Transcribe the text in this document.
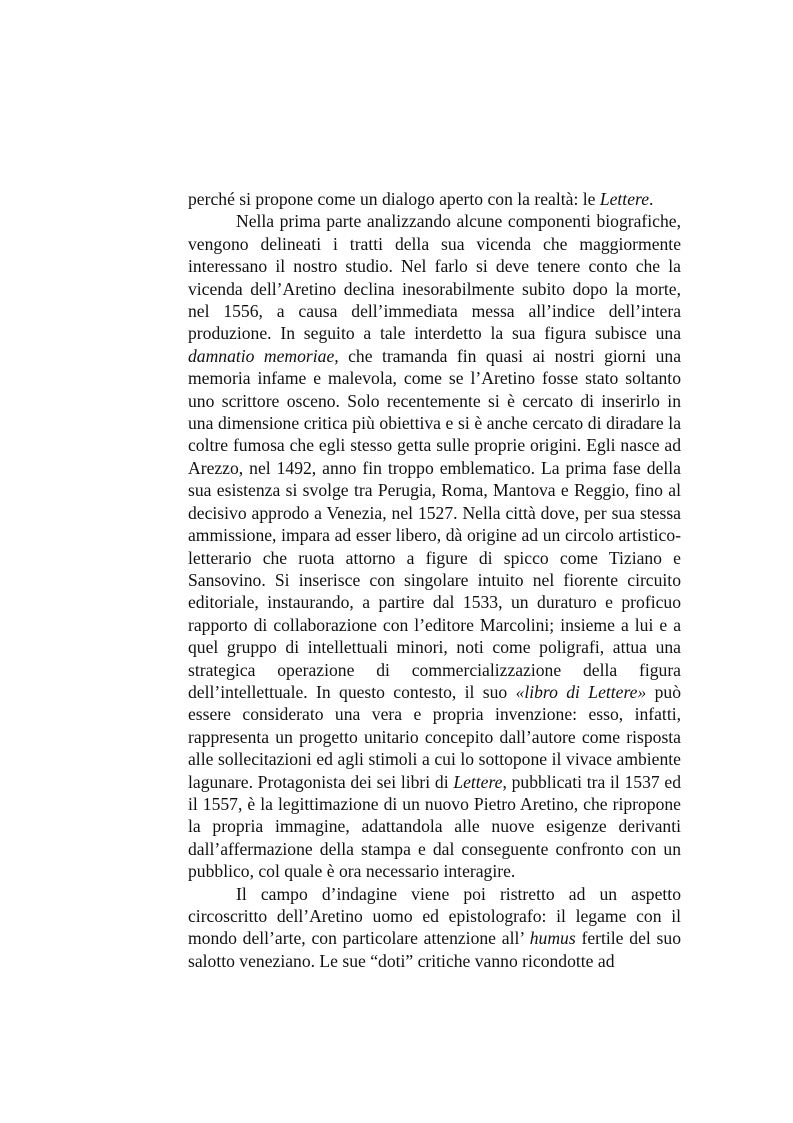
perché si propone come un dialogo aperto con la realtà: le Lettere.

Nella prima parte analizzando alcune componenti biografiche, vengono delineati i tratti della sua vicenda che maggiormente interessano il nostro studio. Nel farlo si deve tenere conto che la vicenda dell’Aretino declina inesorabilmente subito dopo la morte, nel 1556, a causa dell’immediata messa all’indice dell’intera produzione. In seguito a tale interdetto la sua figura subisce una damnatio memoriae, che tramanda fin quasi ai nostri giorni una memoria infame e malevola, come se l’Aretino fosse stato soltanto uno scrittore osceno. Solo recentemente si è cercato di inserirlo in una dimensione critica più obiettiva e si è anche cercato di diradare la coltre fumosa che egli stesso getta sulle proprie origini. Egli nasce ad Arezzo, nel 1492, anno fin troppo emblematico. La prima fase della sua esistenza si svolge tra Perugia, Roma, Mantova e Reggio, fino al decisivo approdo a Venezia, nel 1527. Nella città dove, per sua stessa ammissione, impara ad esser libero, dà origine ad un circolo artistico-letterario che ruota attorno a figure di spicco come Tiziano e Sansovino. Si inserisce con singolare intuito nel fiorente circuito editoriale, instaurando, a partire dal 1533, un duraturo e proficuo rapporto di collaborazione con l’editore Marcolini; insieme a lui e a quel gruppo di intellettuali minori, noti come poligrafi, attua una strategica operazione di commercializzazione della figura dell’intellettuale. In questo contesto, il suo «libro di Lettere» può essere considerato una vera e propria invenzione: esso, infatti, rappresenta un progetto unitario concepito dall’autore come risposta alle sollecitazioni ed agli stimoli a cui lo sottopone il vivace ambiente lagunare. Protagonista dei sei libri di Lettere, pubblicati tra il 1537 ed il 1557, è la legittimazione di un nuovo Pietro Aretino, che ripropone la propria immagine, adattandola alle nuove esigenze derivanti dall’affermazione della stampa e dal conseguente confronto con un pubblico, col quale è ora necessario interagire.

Il campo d’indagine viene poi ristretto ad un aspetto circoscritto dell’Aretino uomo ed epistolografo: il legame con il mondo dell’arte, con particolare attenzione all’ humus fertile del suo salotto veneziano. Le sue “doti” critiche vanno ricondotte ad
